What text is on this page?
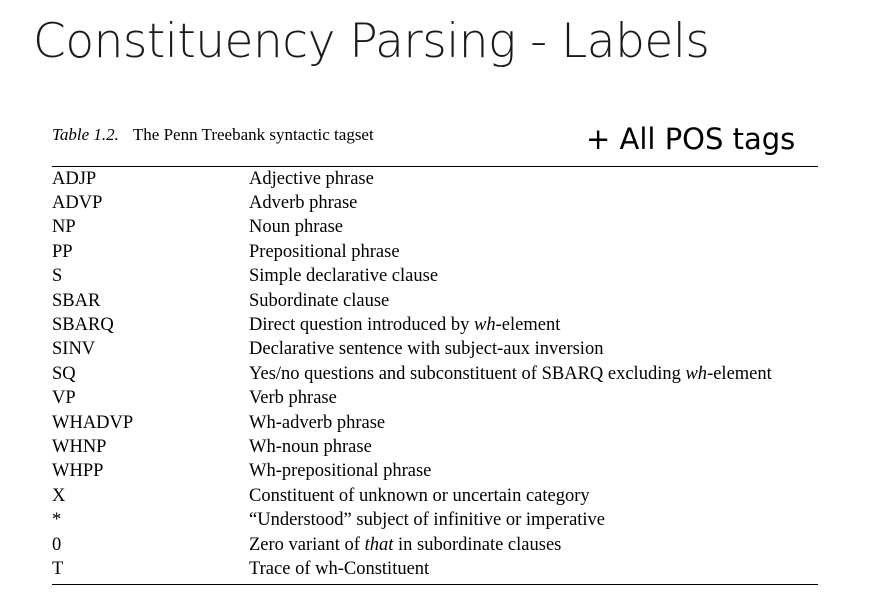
Constituency Parsing - Labels
Table 1.2. The Penn Treebank syntactic tagset	+ All POS tags
ADJP	Adjective phrase
ADVP	Adverb phrase
NP	Noun phrase
PP	Prepositional phrase
S	Simple declarative clause
SBAR	Subordinate clause
SBARQ	Direct question introduced by wh-element
SINV	Declarative sentence with subject-aux inversion
SQ	Yes/no questions and subconstituent of SBARQ excluding wh-element
VP	Verb phrase
WHADVP	Wh-adverb phrase
WHNP	Wh-noun phrase
WHPP	Wh-prepositional phrase
X	Constituent of unknown or uncertain category
*	“Understood” subject of infinitive or imperative
0	Zero variant of that in subordinate clauses
T	Trace of wh-Constituent
